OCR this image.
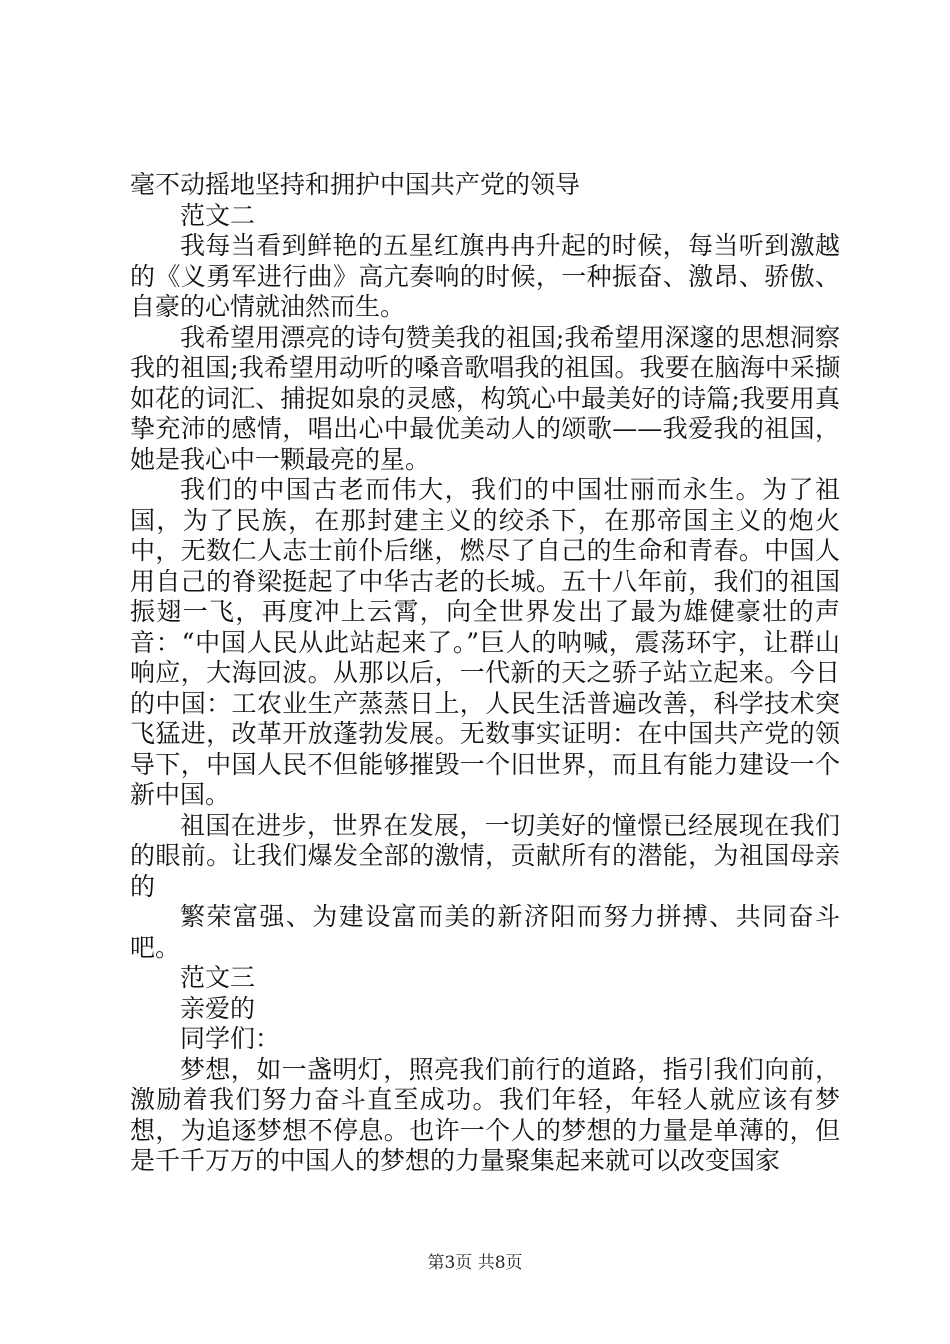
毫不动摇地坚持和拥护中国共产党的领导

范文二

我每当看到鲜艳的五星红旗冉冉升起的时候，每当听到激越的《义勇军进行曲》高亢奏响的时候，一种振奋、激昂、骄傲、自豪的心情就油然而生。

我希望用漂亮的诗句赞美我的祖国;我希望用深邃的思想洞察我的祖国;我希望用动听的嗓音歌唱我的祖国。我要在脑海中采撷如花的词汇、捕捉如泉的灵感，构筑心中最美好的诗篇;我要用真挚充沛的感情，唱出心中最优美动人的颂歌——我爱我的祖国，她是我心中一颗最亮的星。

我们的中国古老而伟大，我们的中国壮丽而永生。为了祖国，为了民族，在那封建主义的绞杀下，在那帝国主义的炮火中，无数仁人志士前仆后继，燃尽了自己的生命和青春。中国人用自己的脊梁挺起了中华古老的长城。五十八年前，我们的祖国振翅一飞，再度冲上云霄，向全世界发出了最为雄健豪壮的声音：“中国人民从此站起来了。”巨人的呐喊，震荡环宇，让群山响应，大海回波。从那以后，一代新的天之骄子站立起来。今日的中国：工农业生产蒸蒸日上，人民生活普遍改善，科学技术突飞猛进，改革开放蓬勃发展。无数事实证明：在中国共产党的领导下，中国人民不但能够摧毁一个旧世界，而且有能力建设一个新中国。

祖国在进步，世界在发展，一切美好的憧憬已经展现在我们的眼前。让我们爆发全部的激情，贡献所有的潜能，为祖国母亲的

繁荣富强、为建设富而美的新济阳而努力拼搏、共同奋斗吧。

范文三

亲爱的

同学们：

梦想，如一盏明灯，照亮我们前行的道路，指引我们向前，激励着我们努力奋斗直至成功。我们年轻，年轻人就应该有梦想，为追逐梦想不停息。也许一个人的梦想的力量是单薄的，但是千千万万的中国人的梦想的力量聚集起来就可以改变国家

第3页 共8页
